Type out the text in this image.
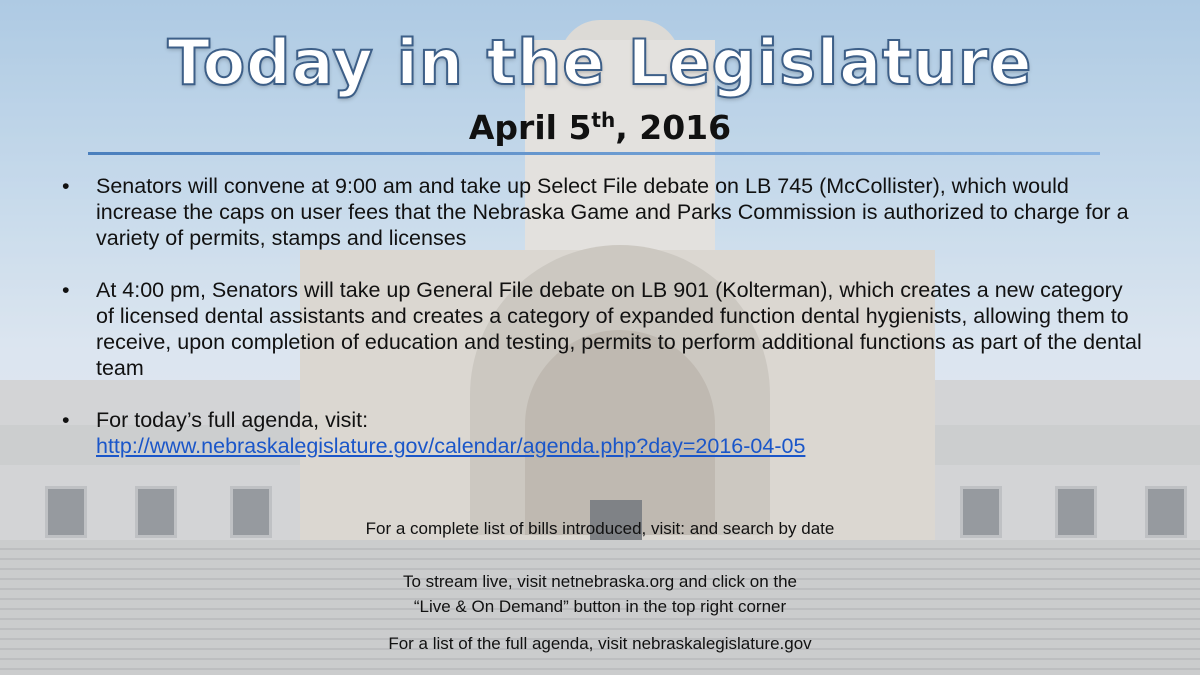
Today in the Legislature
April 5th, 2016
• Senators will convene at 9:00 am and take up Select File debate on LB 745 (McCollister), which would increase the caps on user fees that the Nebraska Game and Parks Commission is authorized to charge for a variety of permits, stamps and licenses
• At 4:00 pm, Senators will take up General File debate on LB 901 (Kolterman), which creates a new category of licensed dental assistants and creates a category of expanded function dental hygienists, allowing them to receive, upon completion of education and testing, permits to perform additional functions as part of the dental team
• For today’s full agenda, visit:
http://www.nebraskalegislature.gov/calendar/agenda.php?day=2016-04-05

For a complete list of bills introduced, visit: and search by date

To stream live, visit netnebraska.org and click on the

“Live & On Demand” button in the top right corner

For a list of the full agenda, visit nebraskalegislature.gov
